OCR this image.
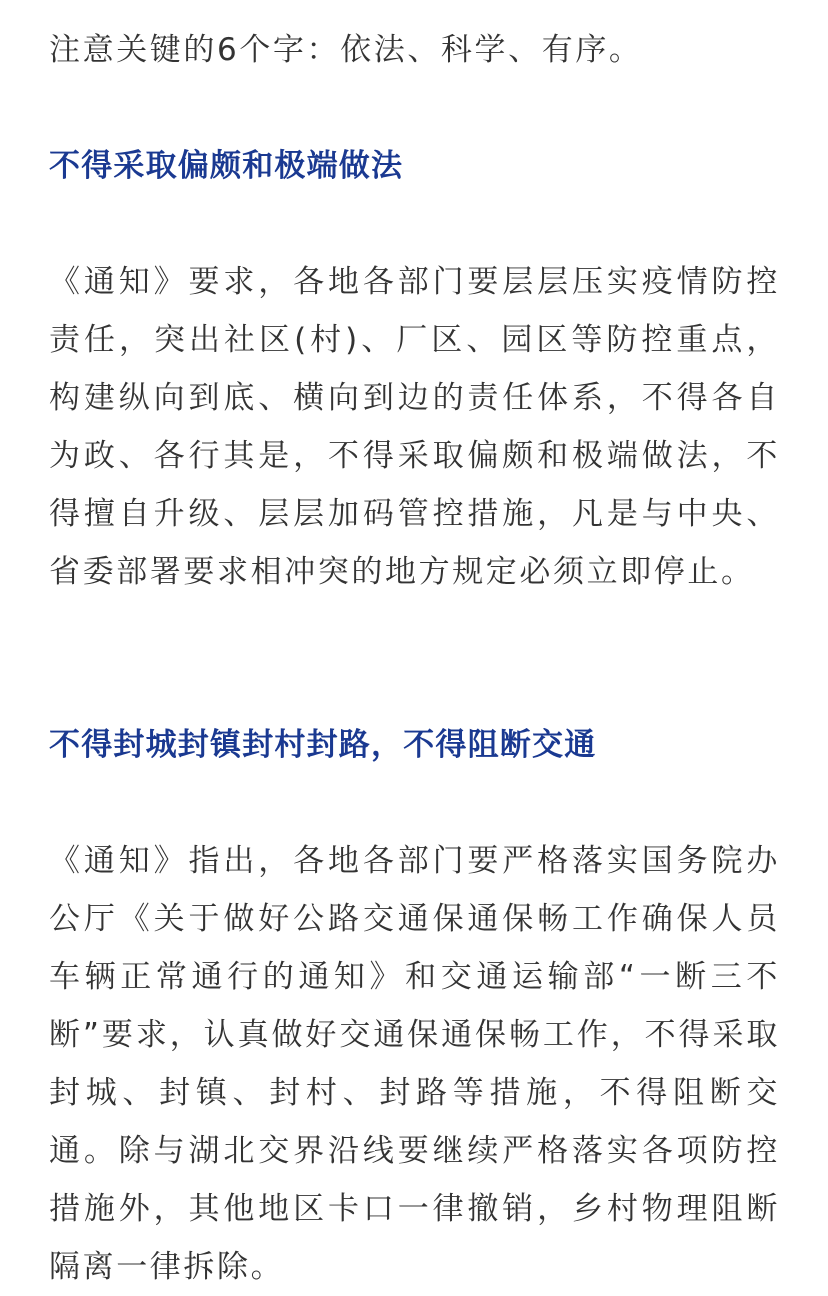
注意关键的6个字：依法、科学、有序。

不得采取偏颇和极端做法

《通知》要求，各地各部门要层层压实疫情防控责任，突出社区(村)、厂区、园区等防控重点，构建纵向到底、横向到边的责任体系，不得各自为政、各行其是，不得采取偏颇和极端做法，不得擅自升级、层层加码管控措施，凡是与中央、省委部署要求相冲突的地方规定必须立即停止。

不得封城封镇封村封路，不得阻断交通

《通知》指出，各地各部门要严格落实国务院办公厅《关于做好公路交通保通保畅工作确保人员车辆正常通行的通知》和交通运输部“一断三不断”要求，认真做好交通保通保畅工作，不得采取封城、封镇、封村、封路等措施，不得阻断交通。除与湖北交界沿线要继续严格落实各项防控措施外，其他地区卡口一律撤销，乡村物理阻断隔离一律拆除。
